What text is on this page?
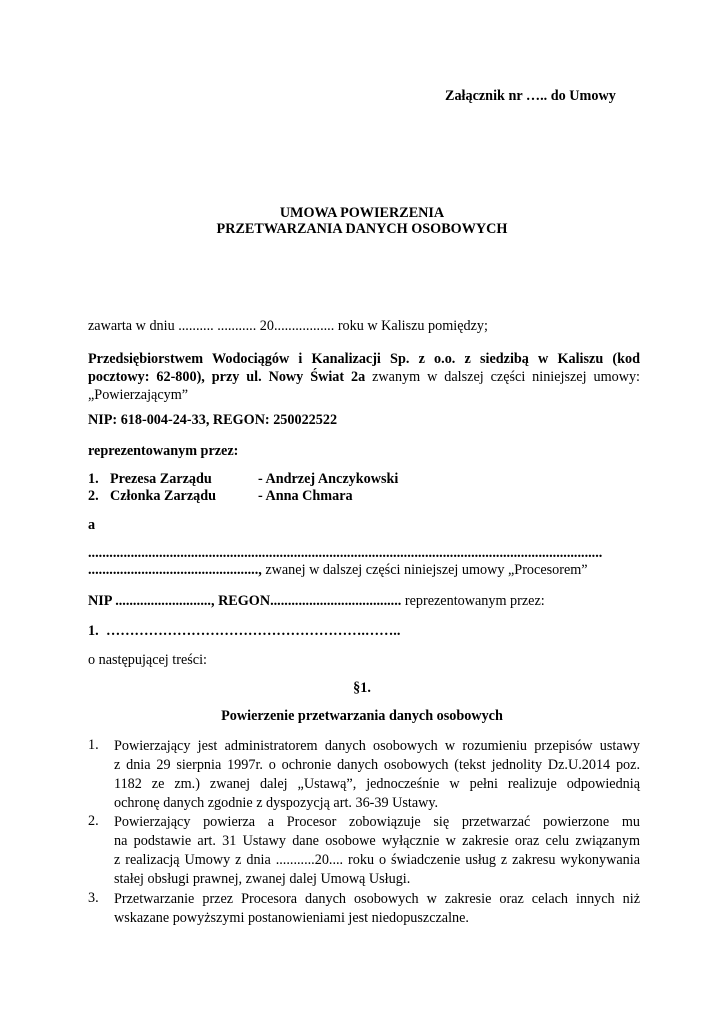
Załącznik nr ….. do Umowy
UMOWA POWIERZENIA
PRZETWARZANIA DANYCH OSOBOWYCH
zawarta w dniu .......... ........... 20................. roku w Kaliszu pomiędzy;
Przedsiębiorstwem Wodociągów i Kanalizacji Sp. z o.o. z siedzibą w Kaliszu (kod
pocztowy: 62-800), przy ul. Nowy Świat 2a zwanym w dalszej części niniejszej umowy:
„Powierzającym”
NIP: 618-004-24-33, REGON: 250022522
reprezentowanym przez:
1. Prezesa Zarządu	- Andrzej Anczykowski
2. Członka Zarządu	- Anna Chmara
a
.................................................................................................................................................
................................................, zwanej w dalszej części niniejszej umowy „Procesorem”
NIP ..........................., REGON..................................... reprezentowanym przez:
1. ……………………………………………….……..
o następującej treści:
§1.
Powierzenie przetwarzania danych osobowych
1. Powierzający jest administratorem danych osobowych w rozumieniu przepisów ustawy
z dnia 29 sierpnia 1997r. o ochronie danych osobowych (tekst jednolity Dz.U.2014 poz.
1182 ze zm.) zwanej dalej „Ustawą”, jednocześnie w pełni realizuje odpowiednią
ochronę danych zgodnie z dyspozycją art. 36-39 Ustawy.
2. Powierzający powierza a Procesor zobowiązuje się przetwarzać powierzone mu
na podstawie art. 31 Ustawy dane osobowe wyłącznie w zakresie oraz celu związanym
z realizacją Umowy z dnia ...........20.... roku o świadczenie usług z zakresu wykonywania
stałej obsługi prawnej, zwanej dalej Umową Usługi.
3. Przetwarzanie przez Procesora danych osobowych w zakresie oraz celach innych niż
wskazane powyższymi postanowieniami jest niedopuszczalne.
